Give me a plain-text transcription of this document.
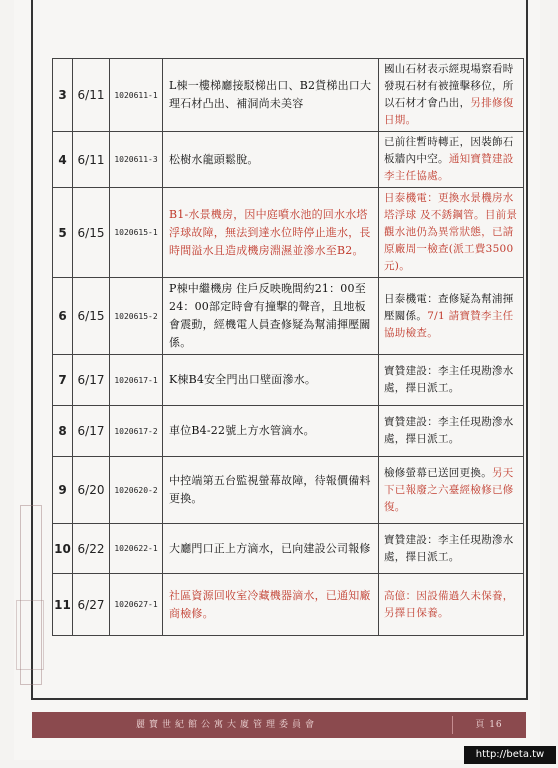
3	6/11	1020611-1	L棟一樓梯廳接駁梯出口、B2貨梯出口大理石材凸出、補洞尚未美容	國山石材表示經現場察看時發現石材有被撞擊移位，所以石材才會凸出，另排修復日期。
4	6/11	1020611-3	松樹水龍頭鬆脫。	已前往暫時轉正，因裝飾石板牆內中空。通知寶贊建設李主任協處。
5	6/15	1020615-1	B1-水景機房，因中庭噴水池的回水水塔浮球故障，無法到達水位時停止進水，長時間溢水且造成機房淵濕並滲水至B2。	日泰機電：更換水景機房水塔浮球 及不銹鋼管。目前景觀水池仍為異常狀態，已請原廠周一檢查(派工費3500元)。
6	6/15	1020615-2	P棟中繼機房 住戶反映晚間約21：00至24：00部定時會有撞擊的聲音，且地板會震動，經機電人員查修疑為幫浦揮壓關係。	日泰機電：查修疑為幫浦揮壓關係。7/1 請寶贊李主任協助檢查。
7	6/17	1020617-1	K棟B4安全門出口壁面滲水。	寶贊建設：李主任現勘滲水處，擇日派工。
8	6/17	1020617-2	車位B4-22號上方水管滴水。	寶贊建設：李主任現勘滲水處，擇日派工。
9	6/20	1020620-2	中控端第五台監視螢幕故障，待報價備料更換。	檢修螢幕已送回更換。另天下已報廢之六臺經檢修已修復。
10	6/22	1020622-1	大廳門口正上方滴水，已向建設公司報修	寶贊建設：李主任現勘滲水處，擇日派工。
11	6/27	1020627-1	社區資源回收室冷藏機器滴水，已通知廠商檢修。	高億：因設備過久未保養，另擇日保養。
麗寶世紀館公寓大廈管理委員會	頁 16
http://beta.tw
